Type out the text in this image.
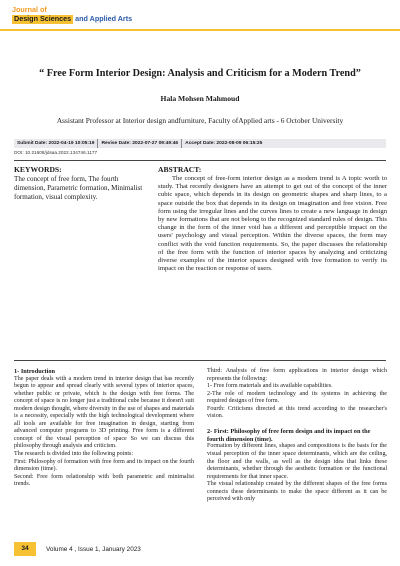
Journal of
Design Sciences and Applied Arts
“ Free Form Interior Design: Analysis and Criticism for a Modern Trend”
Hala Mohsen Mahmoud
Assistant Professor at Interior design andfurniture, Faculty ofApplied arts - 6 October University
Submit Date: 2022-04-19 10:05:19	Revise Date: 2022-07-27 09:49:46	Accept Date: 2022-08-09 06:15:25
DOI: 10.21608/jdsaa.2022.134746.1177
KEYWORDS:

The concept of free form, The fourth dimension, Parametric formation, Minimalist formation, visual complexity.

ABSTRACT:

The concept of free-form interior design as a modern trend is A topic worth to study. That recently designers have an attempt to get out of the concept of the inner cubic space, which depends in its design on geometric shapes and sharp lines, to a space outside the box that depends in its design on imagination and free vision. Free form using the irregular lines and the curves lines to create a new language in design by new formations that are not belong to the recognized standard rules of design. This change in the form of the inner void has a different and perceptible impact on the users' psychology and visual perception. Within the diverse spaces, the form may conflict with the void function requirements. So, the paper discusses the relationship of the free form with the function of interior spaces by analyzing and criticizing diverse examples of the interior spaces designed with free formation to verify its impact on the reaction or response of users.

1- Introduction

The paper deals with a modern trend in interior design that has recently begun to appear and spread clearly with several types of interior spaces, whether public or private, which is the design with free forms. The concept of space is no longer just a traditional cube because it doesn't suit modern design thought, where diversity in the use of shapes and materials is a necessity, especially with the high technological development where all tools are available for free imagination in design, starting from advanced computer programs to 3D printing. Free form is a different concept of the visual perception of space So we can discuss this philosophy through analysis and criticism.

The research is divided into the following points:

First: Philosophy of formation with free form and its impact on the fourth dimension (time).

Second: Free form relationship with both parametric and minimalist trends.

Third: Analysis of free form applications in interior design which represents the following:

1- Free form materials and its available capabilities.

2-The role of modern technology and its systems in achieving the required designs of free form.

Fourth: Criticisms directed at this trend according to the researcher's vision.

2- First: Philosophy of free form design and its impact on the fourth dimension (time).

Formation by different lines, shapes and compositions is the basis for the visual perception of the inner space determinants, which are the ceiling, the floor and the walls, as well as the design idea that links these determinants, whether through the aesthetic formation or the functional requirements for that inner space.

The visual relationship created by the different shapes of the free forms connects these determinants to make the space different as it can be perceived with only

34	Volume 4 , Issue 1, January 2023
